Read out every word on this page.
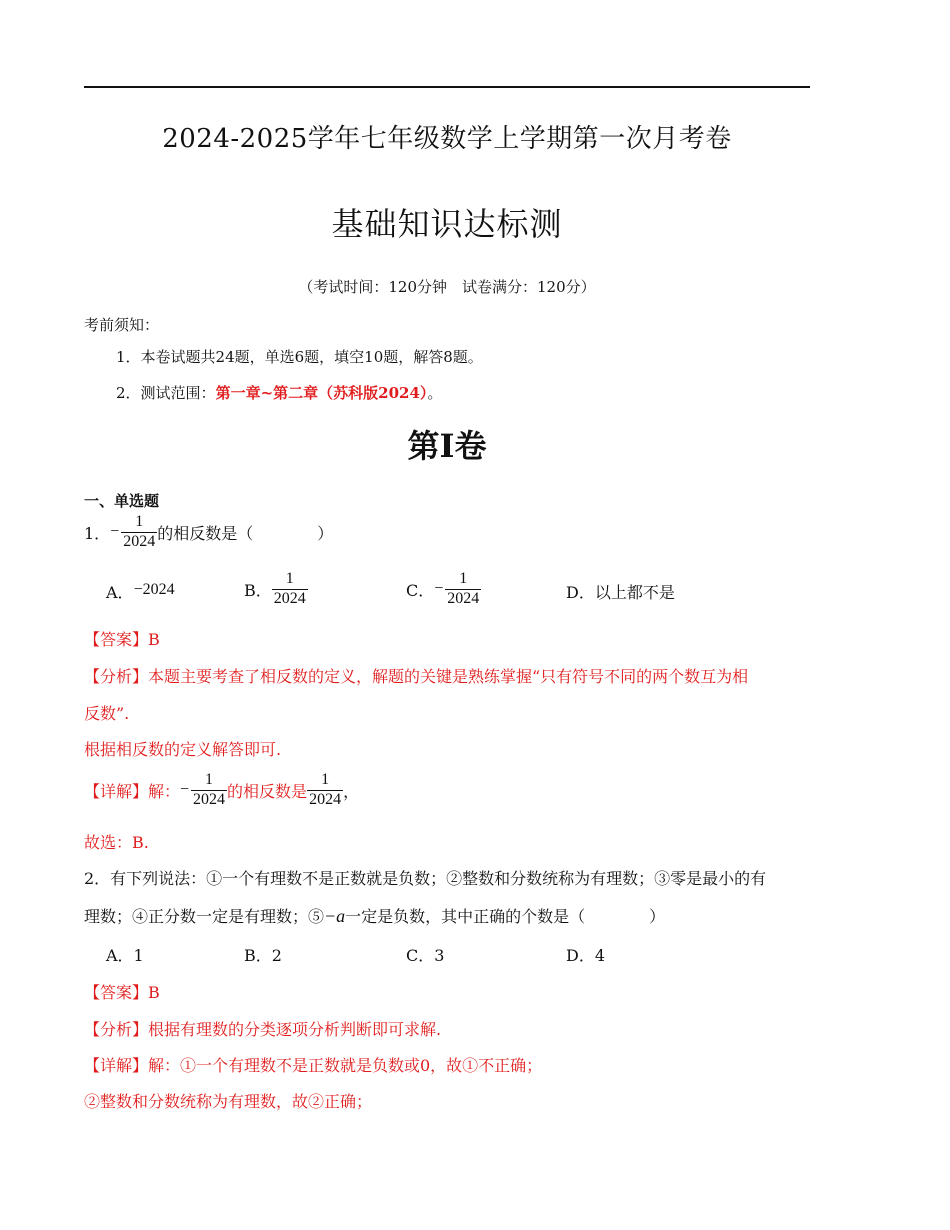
2024-2025学年七年级数学上学期第一次月考卷
基础知识达标测
（考试时间：120分钟　试卷满分：120分）
考前须知：
1．本卷试题共24题，单选6题，填空10题，解答8题。
2．测试范围：第一章~第二章（苏科版2024）。
第Ⅰ卷
一、单选题
1． − $\frac{1}{2024}$ 的相反数是（　　　　）
A．−2024	B． $\frac{1}{2024}$	C． − $\frac{1}{2024}$	D．以上都不是
【答案】B
【分析】本题主要考查了相反数的定义，解题的关键是熟练掌握“只有符号不同的两个数互为相
反数”.
根据相反数的定义解答即可.
【详解】解： − $\frac{1}{2024}$ 的相反数是 $\frac{1}{2024}$ ，
故选：B.
2．有下列说法：①一个有理数不是正数就是负数；②整数和分数统称为有理数；③零是最小的有
理数；④正分数一定是有理数；⑤−a一定是负数，其中正确的个数是（　　　　）
A．1	B．2	C．3	D．4
【答案】B
【分析】根据有理数的分类逐项分析判断即可求解.
【详解】解：①一个有理数不是正数就是负数或0，故①不正确；
②整数和分数统称为有理数，故②正确；
